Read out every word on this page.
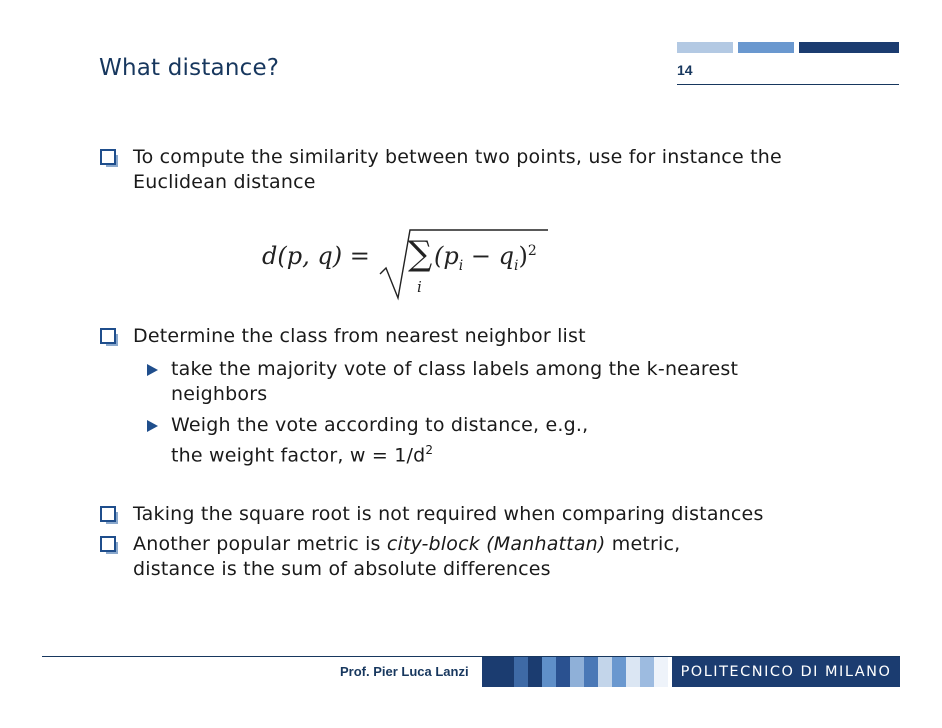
What distance?	14
To compute the similarity between two points, use for instance the
Euclidean distance
d(p, q) = ∑
i
$(p_i - q_i)^2$
Determine the class from nearest neighbor list
take the majority vote of class labels among the k-nearest
neighbors
Weigh the vote according to distance, e.g.,
the weight factor, $w = 1/d^2$
Taking the square root is not required when comparing distances
Another popular metric is city-block (Manhattan) metric,
distance is the sum of absolute differences
Prof. Pier Luca Lanzi	POLITECNICO DI MILANO
